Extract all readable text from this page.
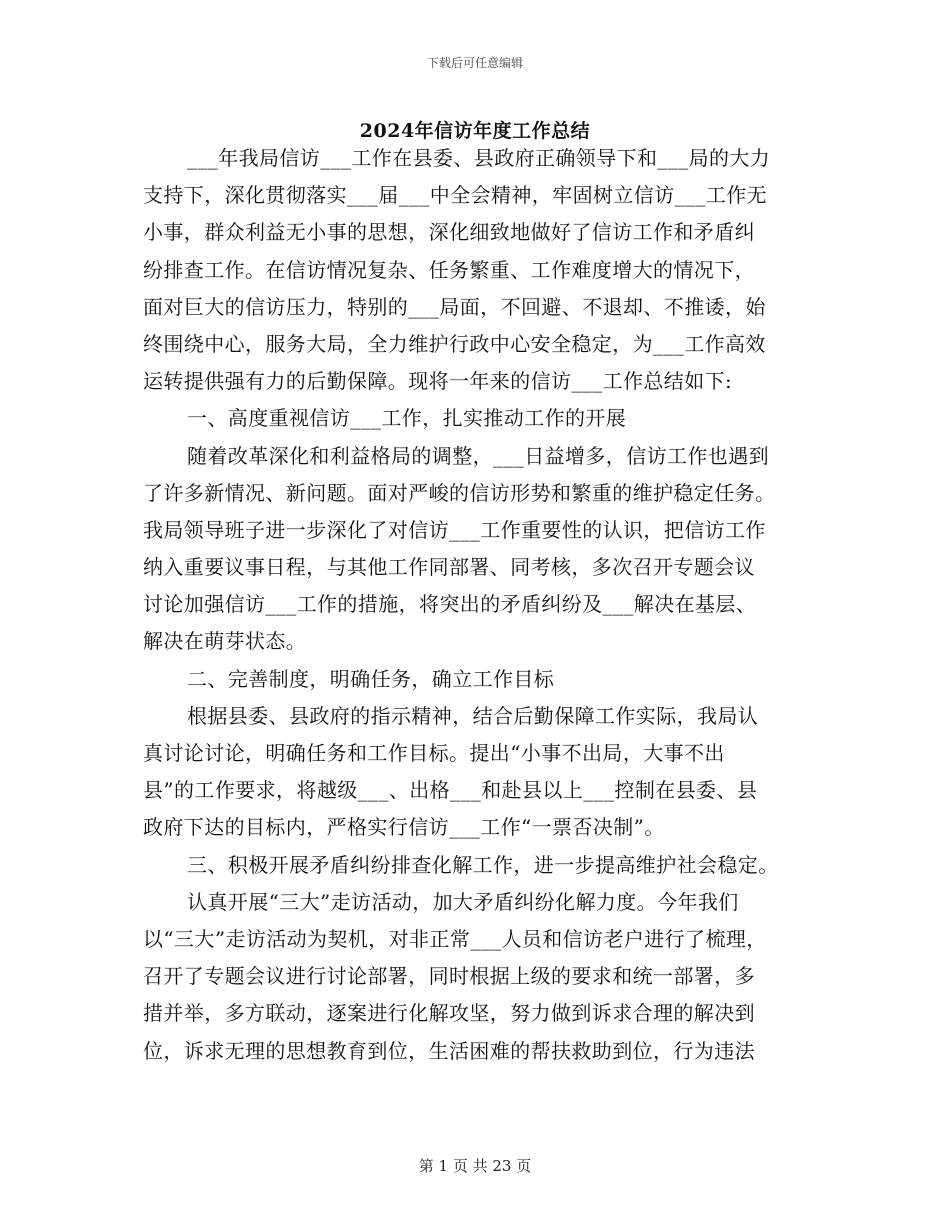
下载后可任意编辑
2024年信访年度工作总结
___年我局信访___工作在县委、县政府正确领导下和___局的大力
支持下，深化贯彻落实___届___中全会精神，牢固树立信访___工作无
小事，群众利益无小事的思想，深化细致地做好了信访工作和矛盾纠
纷排查工作。在信访情况复杂、任务繁重、工作难度增大的情况下，
面对巨大的信访压力，特别的___局面，不回避、不退却、不推诿，始
终围绕中心，服务大局，全力维护行政中心安全稳定，为___工作高效
运转提供强有力的后勤保障。现将一年来的信访___工作总结如下:
一、高度重视信访___工作，扎实推动工作的开展
随着改革深化和利益格局的调整，___日益增多，信访工作也遇到
了许多新情况、新问题。面对严峻的信访形势和繁重的维护稳定任务。
我局领导班子进一步深化了对信访___工作重要性的认识，把信访工作
纳入重要议事日程，与其他工作同部署、同考核，多次召开专题会议
讨论加强信访___工作的措施，将突出的矛盾纠纷及___解决在基层、
解决在萌芽状态。
二、完善制度，明确任务，确立工作目标
根据县委、县政府的指示精神，结合后勤保障工作实际，我局认
真讨论讨论，明确任务和工作目标。提出“小事不出局，大事不出
县”的工作要求，将越级___、出格___和赴县以上___控制在县委、县
政府下达的目标内，严格实行信访___工作“一票否决制”。
三、积极开展矛盾纠纷排查化解工作，进一步提高维护社会稳定。
认真开展“三大”走访活动，加大矛盾纠纷化解力度。今年我们
以“三大”走访活动为契机，对非正常___人员和信访老户进行了梳理，
召开了专题会议进行讨论部署，同时根据上级的要求和统一部署，多
措并举，多方联动，逐案进行化解攻坚，努力做到诉求合理的解决到
位，诉求无理的思想教育到位，生活困难的帮扶救助到位，行为违法
第 1 页 共 23 页
